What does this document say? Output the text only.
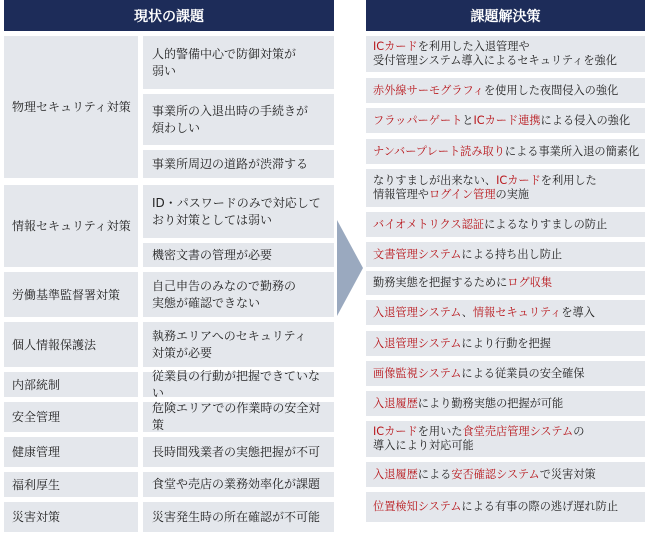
現状の課題	課題解決策
物理セキュリティ対策
情報セキュリティ対策
労働基準監督署対策
個人情報保護法
内部統制
安全管理
健康管理
福利厚生
災害対策
人的警備中心で防御対策が
弱い
事業所の入退出時の手続きが
煩わしい
事業所周辺の道路が渋滞する
ID・パスワードのみで対応して
おり対策としては弱い
機密文書の管理が必要
自己申告のみなので勤務の
実態が確認できない
執務エリアへのセキュリティ
対策が必要
従業員の行動が把握できていない
危険エリアでの作業時の安全対策
長時間残業者の実態把握が不可
食堂や売店の業務効率化が課題
災害発生時の所在確認が不可能
ICカードを利用した入退管理や
受付管理システム導入によるセキュリティを強化
赤外線サーモグラフィを使用した夜間侵入の強化
フラッパーゲートとICカード連携による侵入の強化
ナンバープレート読み取りによる事業所入退の簡素化
なりすましが出来ない、ICカードを利用した
情報管理やログイン管理の実施
バイオメトリクス認証によるなりすましの防止
文書管理システムによる持ち出し防止
勤務実態を把握するためにログ収集
入退管理システム、情報セキュリティを導入
入退管理システムにより行動を把握
画像監視システムによる従業員の安全確保
入退履歴により勤務実態の把握が可能
ICカードを用いた食堂売店管理システムの
導入により対応可能
入退履歴による安否確認システムで災害対策
位置検知システムによる有事の際の逃げ遅れ防止
